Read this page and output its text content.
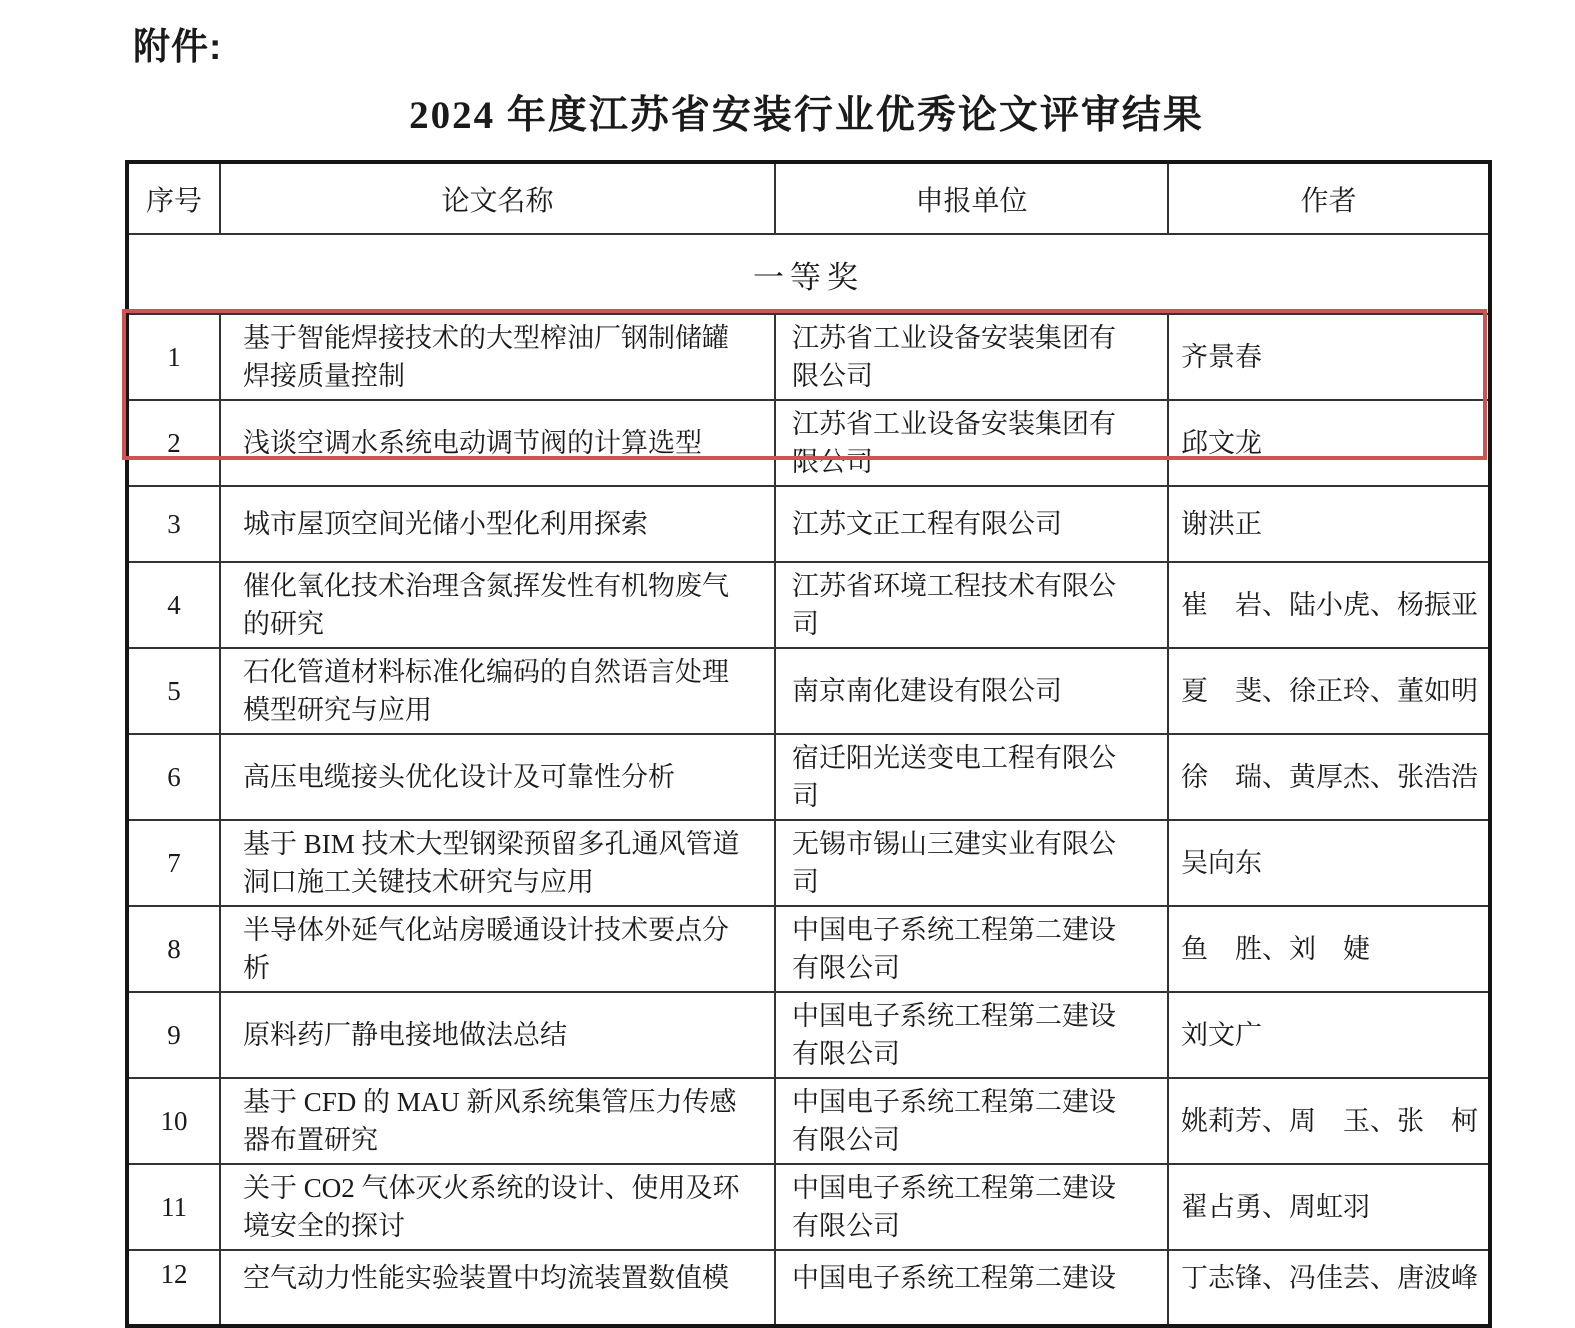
附件:
2024 年度江苏省安装行业优秀论文评审结果
序号	论文名称	申报单位	作者
一等奖			
1	基于智能焊接技术的大型榨油厂钢制储罐焊接质量控制	江苏省工业设备安装集团有限公司	齐景春
2	浅谈空调水系统电动调节阀的计算选型	江苏省工业设备安装集团有限公司	邱文龙
3	城市屋顶空间光储小型化利用探索	江苏文正工程有限公司	谢洪正
4	催化氧化技术治理含氮挥发性有机物废气的研究	江苏省环境工程技术有限公司	崔　岩、陆小虎、杨振亚
5	石化管道材料标准化编码的自然语言处理模型研究与应用	南京南化建设有限公司	夏　斐、徐正玲、董如明
6	高压电缆接头优化设计及可靠性分析	宿迁阳光送变电工程有限公司	徐　瑞、黄厚杰、张浩浩
7	基于 BIM 技术大型钢梁预留多孔通风管道洞口施工关键技术研究与应用	无锡市锡山三建实业有限公司	吴向东
8	半导体外延气化站房暖通设计技术要点分析	中国电子系统工程第二建设有限公司	鱼　胜、刘　婕
9	原料药厂静电接地做法总结	中国电子系统工程第二建设有限公司	刘文广
10	基于 CFD 的 MAU 新风系统集管压力传感器布置研究	中国电子系统工程第二建设有限公司	姚莉芳、周　玉、张　柯
11	关于 CO2 气体灭火系统的设计、使用及环境安全的探讨	中国电子系统工程第二建设有限公司	翟占勇、周虹羽
12	空气动力性能实验装置中均流装置数值模	中国电子系统工程第二建设	丁志锋、冯佳芸、唐波峰
